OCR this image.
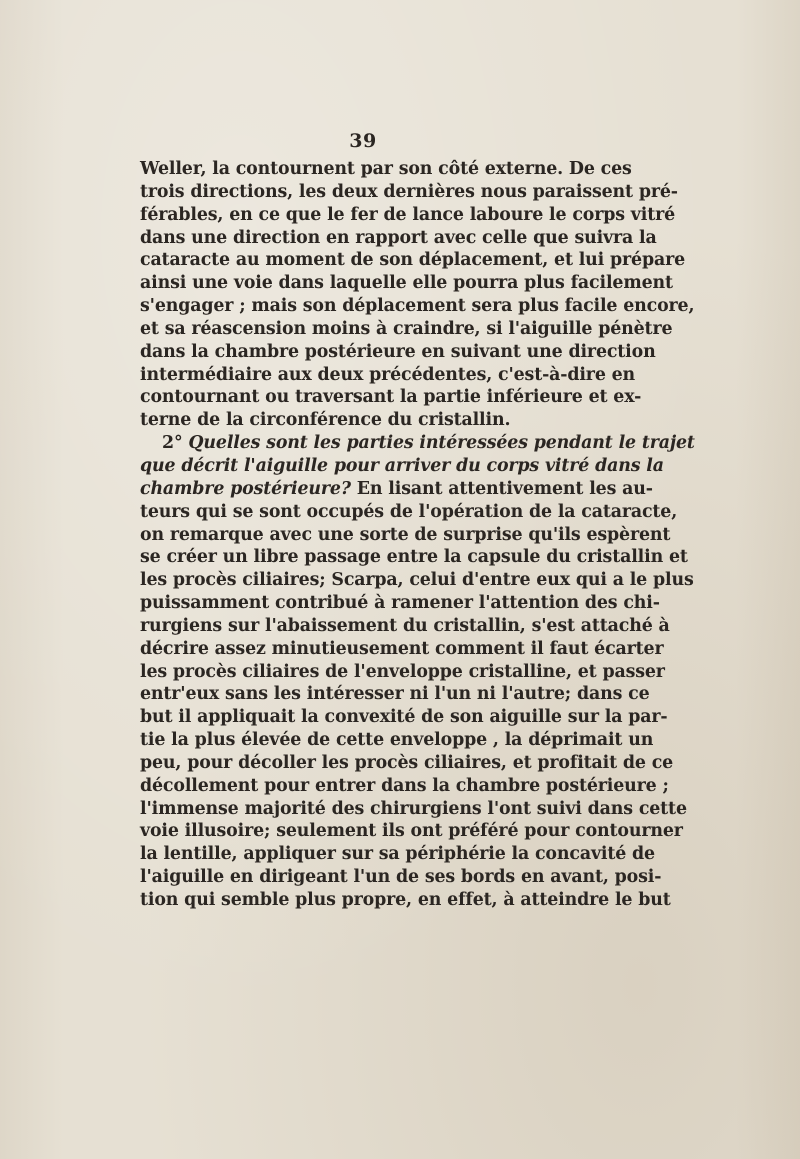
39
Weller, la contournent par son côté externe. De ces
trois directions, les deux dernières nous paraissent pré-
férables, en ce que le fer de lance laboure le corps vitré
dans une direction en rapport avec celle que suivra la
cataracte au moment de son déplacement, et lui prépare
ainsi une voie dans laquelle elle pourra plus facilement
s'engager ; mais son déplacement sera plus facile encore,
et sa réascension moins à craindre, si l'aiguille pénètre
dans la chambre postérieure en suivant une direction
intermédiaire aux deux précédentes, c'est-à-dire en
contournant ou traversant la partie inférieure et ex-
terne de la circonférence du cristallin.
2° Quelles sont les parties intéressées pendant le trajet
que décrit l'aiguille pour arriver du corps vitré dans la
chambre postérieure? En lisant attentivement les au-
teurs qui se sont occupés de l'opération de la cataracte,
on remarque avec une sorte de surprise qu'ils espèrent
se créer un libre passage entre la capsule du cristallin et
les procès ciliaires; Scarpa, celui d'entre eux qui a le plus
puissamment contribué à ramener l'attention des chi-
rurgiens sur l'abaissement du cristallin, s'est attaché à
décrire assez minutieusement comment il faut écarter
les procès ciliaires de l'enveloppe cristalline, et passer
entr'eux sans les intéresser ni l'un ni l'autre; dans ce
but il appliquait la convexité de son aiguille sur la par-
tie la plus élevée de cette enveloppe , la déprimait un
peu, pour décoller les procès ciliaires, et profitait de ce
décollement pour entrer dans la chambre postérieure ;
l'immense majorité des chirurgiens l'ont suivi dans cette
voie illusoire; seulement ils ont préféré pour contourner
la lentille, appliquer sur sa périphérie la concavité de
l'aiguille en dirigeant l'un de ses bords en avant, posi-
tion qui semble plus propre, en effet, à atteindre le but
